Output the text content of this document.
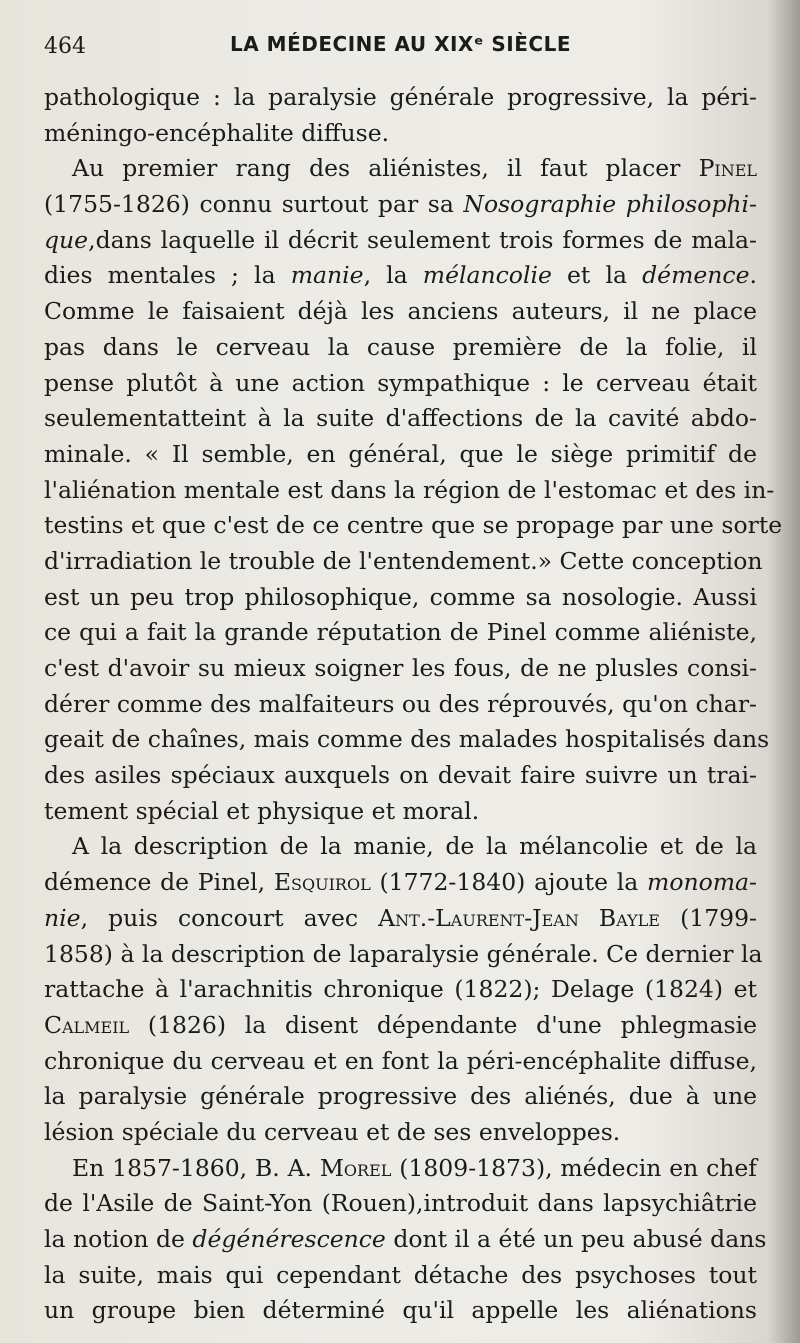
464	LA MÉDECINE AU XIXᵉ SIÈCLE
pathologique : la paralysie générale progressive, la péri-
méningo-encéphalite diffuse.
Au premier rang des aliénistes, il faut placer Pinel
(1755-1826) connu surtout par sa Nosographie philosophi-
que,dans laquelle il décrit seulement trois formes de mala-
dies mentales ; la manie, la mélancolie et la démence.
Comme le faisaient déjà les anciens auteurs, il ne place
pas dans le cerveau la cause première de la folie, il
pense plutôt à une action sympathique : le cerveau était
seulementatteint à la suite d'affections de la cavité abdo-
minale. « Il semble, en général, que le siège primitif de
l'aliénation mentale est dans la région de l'estomac et des in-
testins et que c'est de ce centre que se propage par une sorte
d'irradiation le trouble de l'entendement.» Cette conception
est un peu trop philosophique, comme sa nosologie. Aussi
ce qui a fait la grande réputation de Pinel comme aliéniste,
c'est d'avoir su mieux soigner les fous, de ne plusles consi-
dérer comme des malfaiteurs ou des réprouvés, qu'on char-
geait de chaînes, mais comme des malades hospitalisés dans
des asiles spéciaux auxquels on devait faire suivre un trai-
tement spécial et physique et moral.
A la description de la manie, de la mélancolie et de la
démence de Pinel, Esquirol (1772-1840) ajoute la monoma-
nie, puis concourt avec Ant.-Laurent-Jean Bayle (1799-
1858) à la description de laparalysie générale. Ce dernier la
rattache à l'arachnitis chronique (1822); Delage (1824) et
Calmeil (1826) la disent dépendante d'une phlegmasie
chronique du cerveau et en font la péri-encéphalite diffuse,
la paralysie générale progressive des aliénés, due à une
lésion spéciale du cerveau et de ses enveloppes.
En 1857-1860, B. A. Morel (1809-1873), médecin en chef
de l'Asile de Saint-Yon (Rouen),introduit dans lapsychiâtrie
la notion de dégénérescence dont il a été un peu abusé dans
la suite, mais qui cependant détache des psychoses tout
un groupe bien déterminé qu'il appelle les aliénations
